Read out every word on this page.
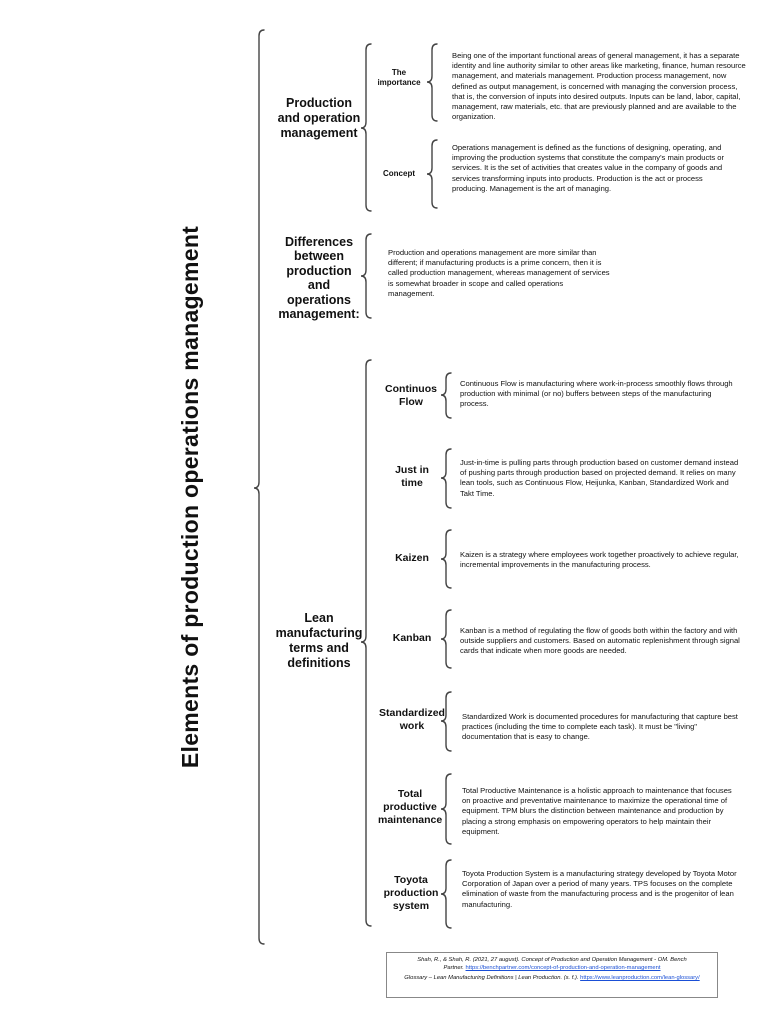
Elements of production operations management
Production and operation management
The importance
Being one of the important functional areas of general management, it has a separate identity and line authority similar to other areas like marketing, finance, human resource management, and materials management. Production process management, now defined as output management, is concerned with managing the conversion process, that is, the conversion of inputs into desired outputs. Inputs can be land, labor, capital, management, raw materials, etc. that are previously planned and are available to the organization.
Concept
Operations management is defined as the functions of designing, operating, and improving the production systems that constitute the company's main products or services. It is the set of activities that creates value in the company of goods and services transforming inputs into products. Production is the act or process producing. Management is the art of managing.
Differences between production and operations management:
Production and operations management are more similar than different; if manufacturing products is a prime concern, then it is called production management, whereas management of services is somewhat broader in scope and called operations management.
Lean manufacturing terms and definitions
Continuos Flow
Continuous Flow is manufacturing where work-in-process smoothly flows through production with minimal (or no) buffers between steps of the manufacturing process.
Just in time
Just-in-time is pulling parts through production based on customer demand instead of pushing parts through production based on projected demand. It relies on many lean tools, such as Continuous Flow, Heijunka, Kanban, Standardized Work and Takt Time.
Kaizen	Kaizen is a strategy where employees work together proactively to achieve regular, incremental improvements in the manufacturing process.
Kanban
Kanban is a method of regulating the flow of goods both within the factory and with outside suppliers and customers. Based on automatic replenishment through signal cards that indicate when more goods are needed.
Standardized work
Standardized Work is documented procedures for manufacturing that capture best practices (including the time to complete each task). It must be "living" documentation that is easy to change.
Total productive maintenance
Total Productive Maintenance is a holistic approach to maintenance that focuses on proactive and preventative maintenance to maximize the operational time of equipment. TPM blurs the distinction between maintenance and production by placing a strong emphasis on empowering operators to help maintain their equipment.
Toyota production system
Toyota Production System is a manufacturing strategy developed by Toyota Motor Corporation of Japan over a period of many years. TPS focuses on the complete elimination of waste from the manufacturing process and is the progenitor of lean manufacturing.
Shah, R., & Shah, R. (2021, 27 august). Concept of Production and Operation Management - OM. Bench
Partner. https://benchpartner.com/concept-of-production-and-operation-management
Glossary – Lean Manufacturing Definitions | Lean Production. (s. f.). https://www.leanproduction.com/lean-glossary/
